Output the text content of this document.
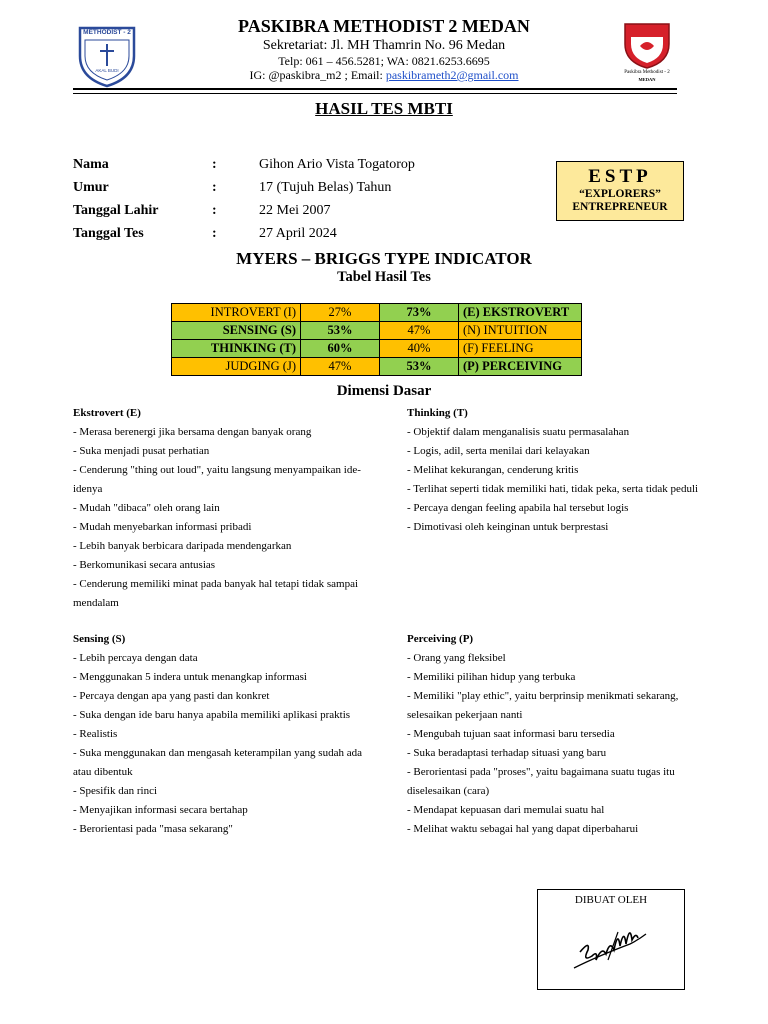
METHODIST - 2
AKAL BUDI	Paskibra Methodist - 2
MEDAN
PASKIBRA METHODIST 2 MEDAN
Sekretariat: Jl. MH Thamrin No. 96 Medan
Telp: 061 – 456.5281; WA: 0821.6253.6695
IG: @paskibra_m2 ; Email: paskibrameth2@gmail.com
HASIL TES MBTI
Nama	:	Gihon Ario Vista Togatorop
Umur	:	17 (Tujuh Belas) Tahun
Tanggal Lahir	:	22 Mei 2007
Tanggal Tes	:	27 April 2024
ESTP
“EXPLORERS”
ENTREPRENEUR
MYERS – BRIGGS TYPE INDICATOR
Tabel Hasil Tes
INTROVERT (I)	27%	73%	(E) EKSTROVERT
SENSING (S)	53%	47%	(N) INTUITION
THINKING (T)	60%	40%	(F) FEELING
JUDGING (J)	47%	53%	(P) PERCEIVING
Dimensi Dasar
Ekstrovert (E)
- Merasa berenergi jika bersama dengan banyak orang
- Suka menjadi pusat perhatian
- Cenderung "thing out loud", yaitu langsung menyampaikan ide-idenya
- Mudah "dibaca" oleh orang lain
- Mudah menyebarkan informasi pribadi
- Lebih banyak berbicara daripada mendengarkan
- Berkomunikasi secara antusias
- Cenderung memiliki minat pada banyak hal tetapi tidak sampai mendalam
Thinking (T)
- Objektif dalam menganalisis suatu permasalahan
- Logis, adil, serta menilai dari kelayakan
- Melihat kekurangan, cenderung kritis
- Terlihat seperti tidak memiliki hati, tidak peka, serta tidak peduli
- Percaya dengan feeling apabila hal tersebut logis
- Dimotivasi oleh keinginan untuk berprestasi
Sensing (S)
- Lebih percaya dengan data
- Menggunakan 5 indera untuk menangkap informasi
- Percaya dengan apa yang pasti dan konkret
- Suka dengan ide baru hanya apabila memiliki aplikasi praktis
- Realistis
- Suka menggunakan dan mengasah keterampilan yang sudah ada atau dibentuk
- Spesifik dan rinci
- Menyajikan informasi secara bertahap
- Berorientasi pada "masa sekarang"
Perceiving (P)
- Orang yang fleksibel
- Memiliki pilihan hidup yang terbuka
- Memiliki "play ethic", yaitu berprinsip menikmati sekarang, selesaikan pekerjaan nanti
- Mengubah tujuan saat informasi baru tersedia
- Suka beradaptasi terhadap situasi yang baru
- Berorientasi pada "proses", yaitu bagaimana suatu tugas itu diselesaikan (cara)
- Mendapat kepuasan dari memulai suatu hal
- Melihat waktu sebagai hal yang dapat diperbaharui
DIBUAT OLEH
